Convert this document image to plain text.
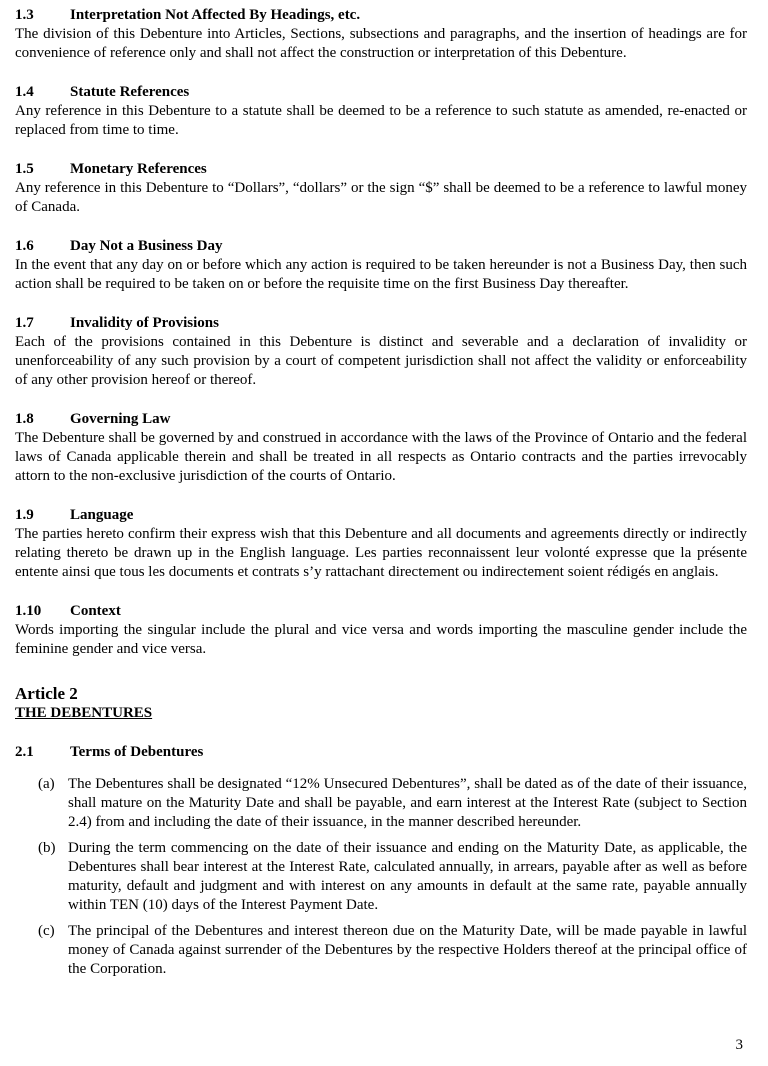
1.3	Interpretation Not Affected By Headings, etc.

The division of this Debenture into Articles, Sections, subsections and paragraphs, and the insertion of headings are for convenience of reference only and shall not affect the construction or interpretation of this Debenture.

1.4	Statute References

Any reference in this Debenture to a statute shall be deemed to be a reference to such statute as amended, re-enacted or replaced from time to time.

1.5	Monetary References

Any reference in this Debenture to “Dollars”, “dollars” or the sign “$” shall be deemed to be a reference to lawful money of Canada.

1.6	Day Not a Business Day

In the event that any day on or before which any action is required to be taken hereunder is not a Business Day, then such action shall be required to be taken on or before the requisite time on the first Business Day thereafter.

1.7	Invalidity of Provisions

Each of the provisions contained in this Debenture is distinct and severable and a declaration of invalidity or unenforceability of any such provision by a court of competent jurisdiction shall not affect the validity or enforceability of any other provision hereof or thereof.

1.8	Governing Law

The Debenture shall be governed by and construed in accordance with the laws of the Province of Ontario and the federal laws of Canada applicable therein and shall be treated in all respects as Ontario contracts and the parties irrevocably attorn to the non-exclusive jurisdiction of the courts of Ontario.

1.9	Language

The parties hereto confirm their express wish that this Debenture and all documents and agreements directly or indirectly relating thereto be drawn up in the English language. Les parties reconnaissent leur volonté expresse que la présente entente ainsi que tous les documents et contrats s’y rattachant directement ou indirectement soient rédigés en anglais.

1.10	Context

Words importing the singular include the plural and vice versa and words importing the masculine gender include the feminine gender and vice versa.

Article 2
THE DEBENTURES
2.1	Terms of Debentures
(a) The Debentures shall be designated “12% Unsecured Debentures”, shall be dated as of the date of their issuance, shall mature on the Maturity Date and shall be payable, and earn interest at the Interest Rate (subject to Section 2.4) from and including the date of their issuance, in the manner described hereunder.

(b) During the term commencing on the date of their issuance and ending on the Maturity Date, as applicable, the Debentures shall bear interest at the Interest Rate, calculated annually, in arrears, payable after as well as before maturity, default and judgment and with interest on any amounts in default at the same rate, payable annually within TEN (10) days of the Interest Payment Date.

(c) The principal of the Debentures and interest thereon due on the Maturity Date, will be made payable in lawful money of Canada against surrender of the Debentures by the respective Holders thereof at the principal office of the Corporation.

3
